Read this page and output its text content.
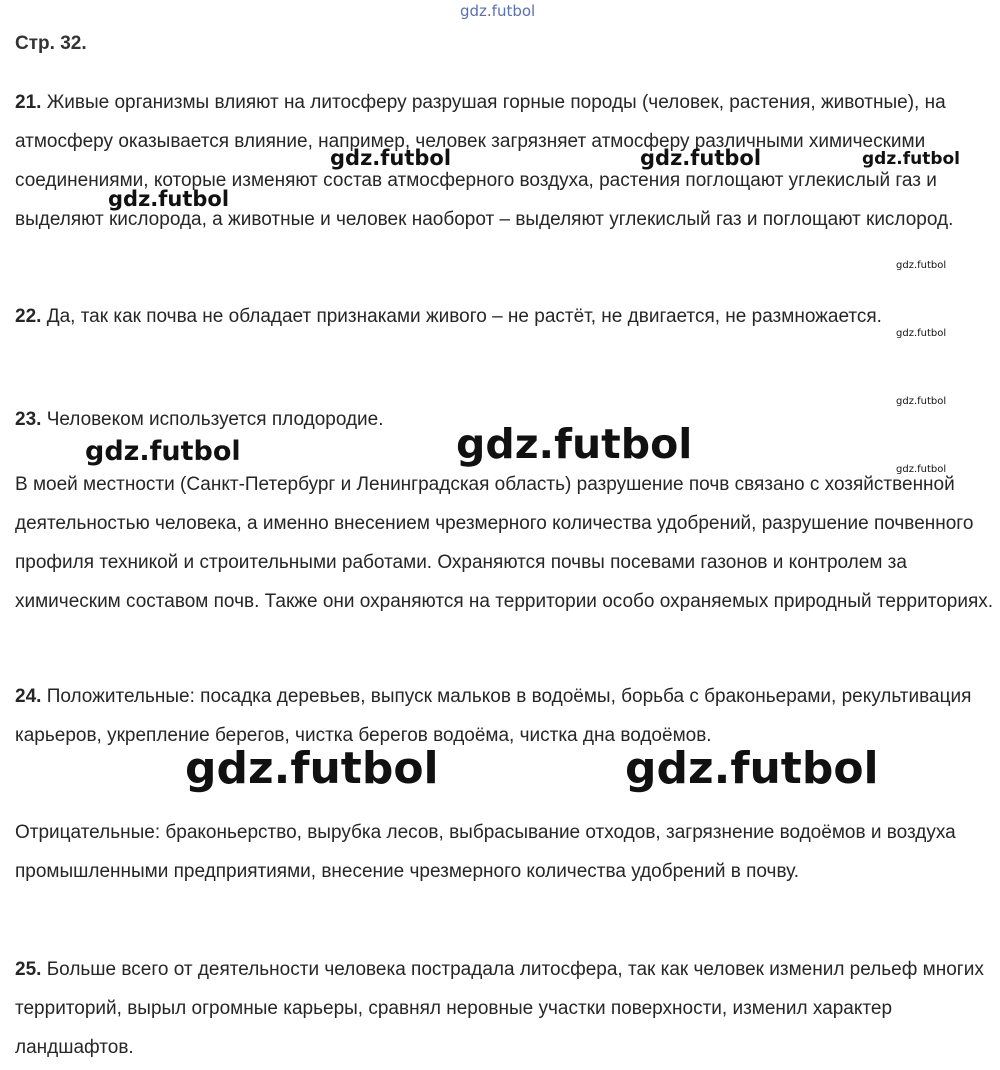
Стр. 32.

21. Живые организмы влияют на литосферу разрушая горные породы (человек, растения, животные), на атмосферу оказывается влияние, например, человек загрязняет атмосферу различными химическими соединениями, которые изменяют состав атмосферного воздуха, растения поглощают углекислый газ и выделяют кислорода, а животные и человек наоборот – выделяют углекислый газ и поглощают кислород.

22. Да, так как почва не обладает признаками живого – не растёт, не двигается, не размножается.

23. Человеком используется плодородие.

В моей местности (Санкт-Петербург и Ленинградская область) разрушение почв связано с хозяйственной деятельностью человека, а именно внесением чрезмерного количества удобрений, разрушение почвенного профиля техникой и строительными работами. Охраняются почвы посевами газонов и контролем за химическим составом почв. Также они охраняются на территории особо охраняемых природный территориях.

24. Положительные: посадка деревьев, выпуск мальков в водоёмы, борьба с браконьерами, рекультивация карьеров, укрепление берегов, чистка берегов водоёма, чистка дна водоёмов.

Отрицательные: браконьерство, вырубка лесов, выбрасывание отходов, загрязнение водоёмов и воздуха промышленными предприятиями, внесение чрезмерного количества удобрений в почву.

25. Больше всего от деятельности человека пострадала литосфера, так как человек изменил рельеф многих территорий, вырыл огромные карьеры, сравнял неровные участки поверхности, изменил характер ландшафтов.

gdz.futbol
gdz.futbol	gdz.futbol	gdz.futbol
gdz.futbol
gdz.futbol
gdz.futbol
gdz.futbol
gdz.futbol
gdz.futbol	gdz.futbol
gdz.futbol	gdz.futbol
